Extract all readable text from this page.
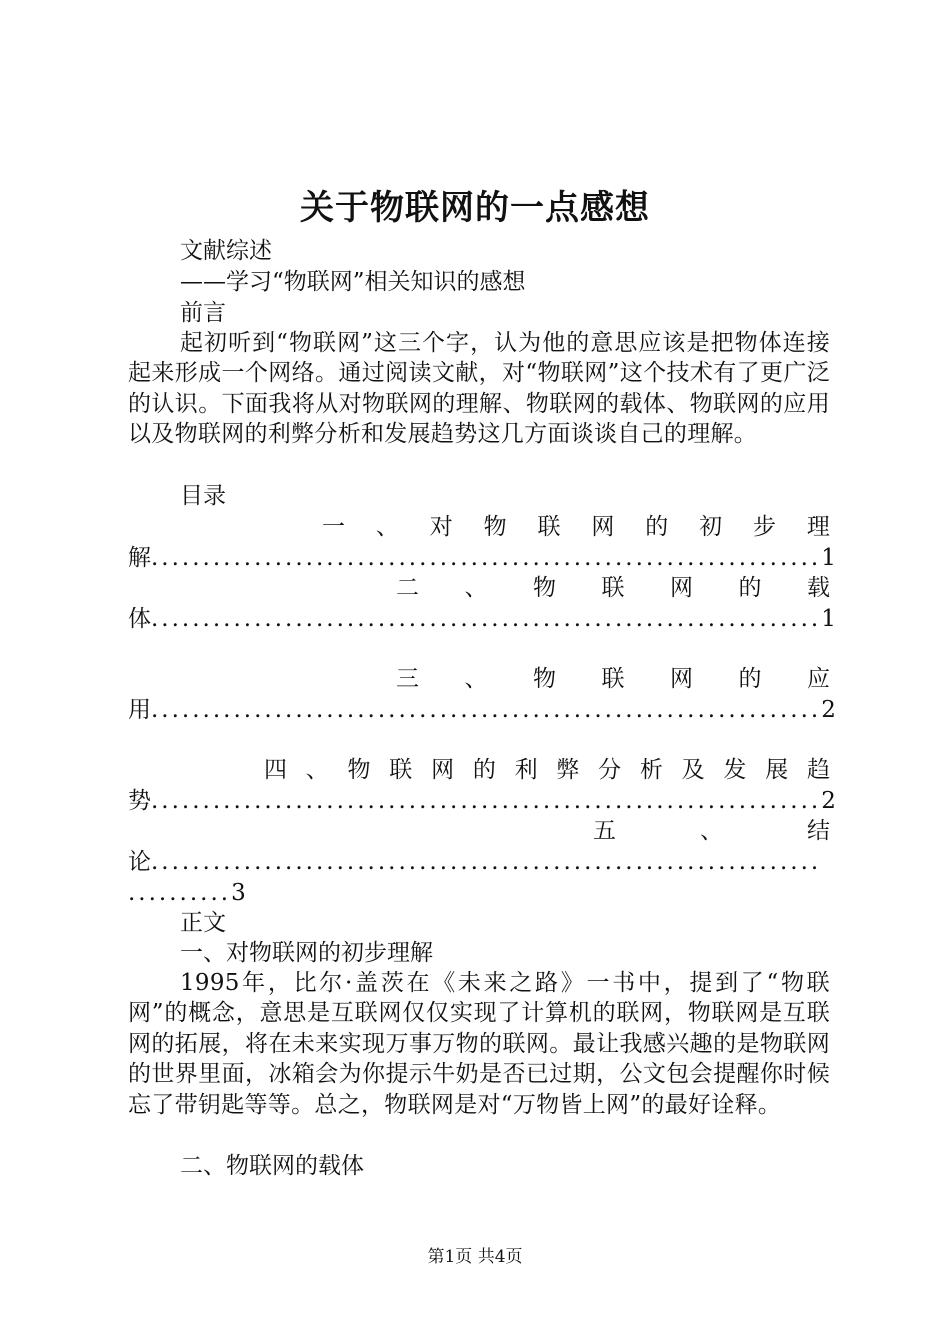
关于物联网的一点感想
文献综述
——学习“物联网”相关知识的感想
前言
起初听到“物联网”这三个字，认为他的意思应该是把物体连接起来形成一个网络。通过阅读文献，对“物联网”这个技术有了更广泛的认识。下面我将从对物联网的理解、物联网的载体、物联网的应用以及物联网的利弊分析和发展趋势这几方面谈谈自己的理解。
目录
一 、 对 物 联 网 的 初 步 理
解 ................................................................. 1
二 、 物 联 网 的 载
体 ................................................................. 1
三 、 物 联 网 的 应
用 ................................................................. 2
四 、 物 联 网 的 利 弊 分 析 及 发 展 趋
势 ................................................................. 2
五	、	结
论 .................................................................
.......... 3
正文
一、对物联网的初步理解
1995年，比尔·盖茨在《未来之路》一书中，提到了“物联网”的概念，意思是互联网仅仅实现了计算机的联网，物联网是互联网的拓展，将在未来实现万事万物的联网。最让我感兴趣的是物联网的世界里面，冰箱会为你提示牛奶是否已过期，公文包会提醒你时候忘了带钥匙等等。总之，物联网是对“万物皆上网”的最好诠释。
二、物联网的载体
第1页 共4页
